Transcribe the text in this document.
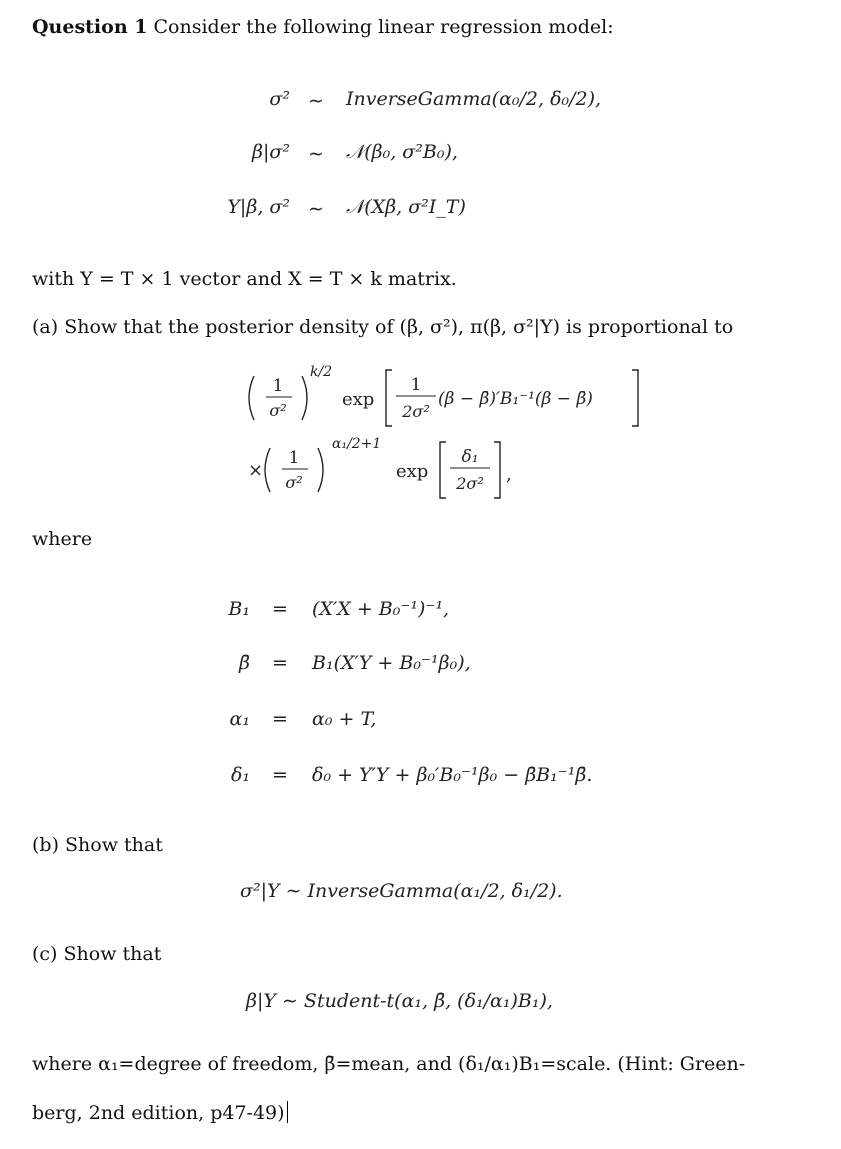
Question 1 Consider the following linear regression model:
σ² ∼ InverseGamma(α₀/2, δ₀/2),
β|σ² ∼ 𝒩(β₀, σ²B₀),
Y|β, σ² ∼ 𝒩(Xβ, σ²I_T)
with Y = T × 1 vector and X = T × k matrix.
(a) Show that the posterior density of (β, σ²), π(β, σ²|Y) is proportional to
1
σ²
k/2
exp
1
2σ²
(β − β̄)′B₁⁻¹(β − β̄)
×
1
σ²
α₁/2+1
exp
δ₁
2σ² ,
where
B₁ = (X′X + B₀⁻¹)⁻¹,
β̄ = B₁(X′Y + B₀⁻¹β₀),
α₁ = α₀ + T,
δ₁ = δ₀ + Y′Y + β₀′B₀⁻¹β₀ − β̄B₁⁻¹β̄.
(b) Show that
σ²|Y ∼ InverseGamma(α₁/2, δ₁/2).
(c) Show that
β|Y ∼ Student-t(α₁, β̄, (δ₁/α₁)B₁),
where α₁=degree of freedom, β̄=mean, and (δ₁/α₁)B₁=scale. (Hint: Green-
berg, 2nd edition, p47-49)
